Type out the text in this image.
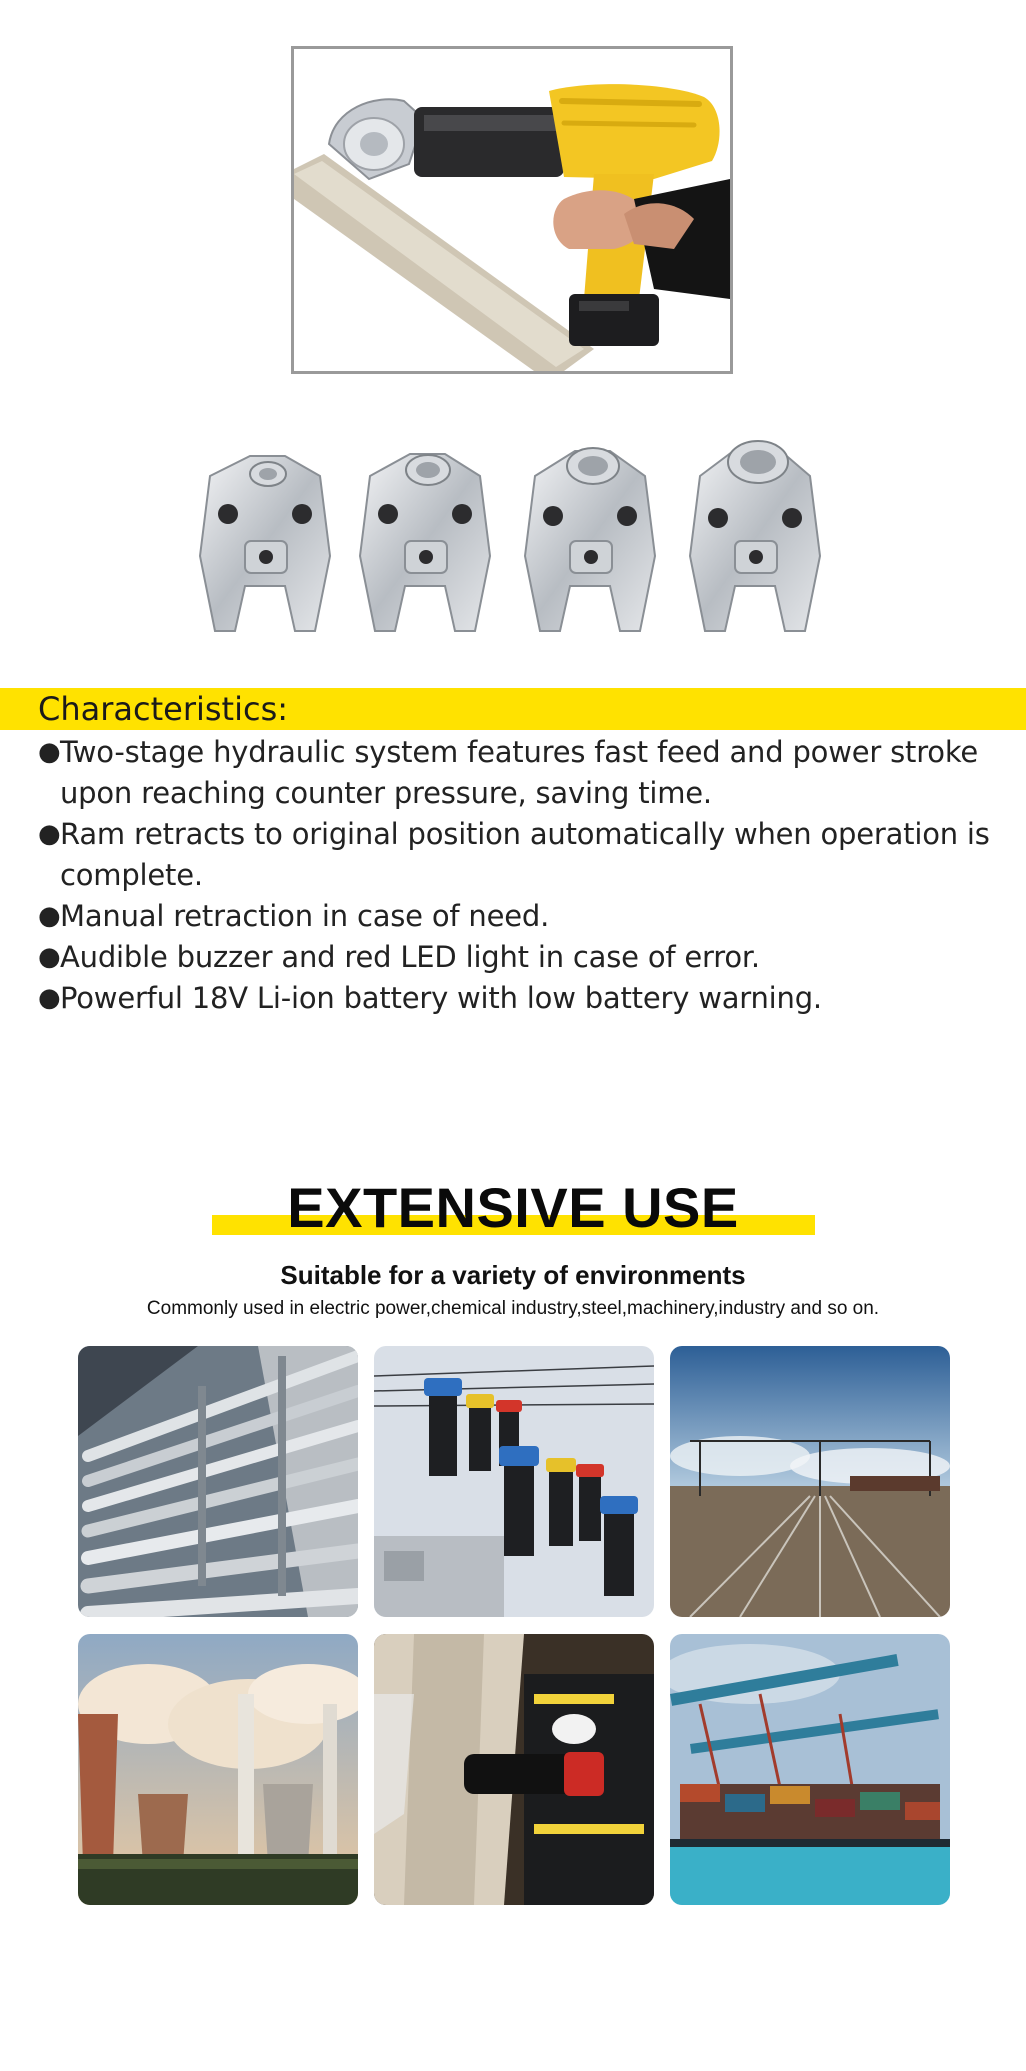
Characteristics:
● Two-stage hydraulic system features fast feed and power stroke upon reaching counter pressure, saving time.
● Ram retracts to original position automatically when operation is complete.
● Manual retraction in case of need.
● Audible buzzer and red LED light in case of error.
● Powerful 18V Li-ion battery with low battery warning.
EXTENSIVE USE

Suitable for a variety of environments

Commonly used in electric power,chemical industry,steel,machinery,industry and so on.
